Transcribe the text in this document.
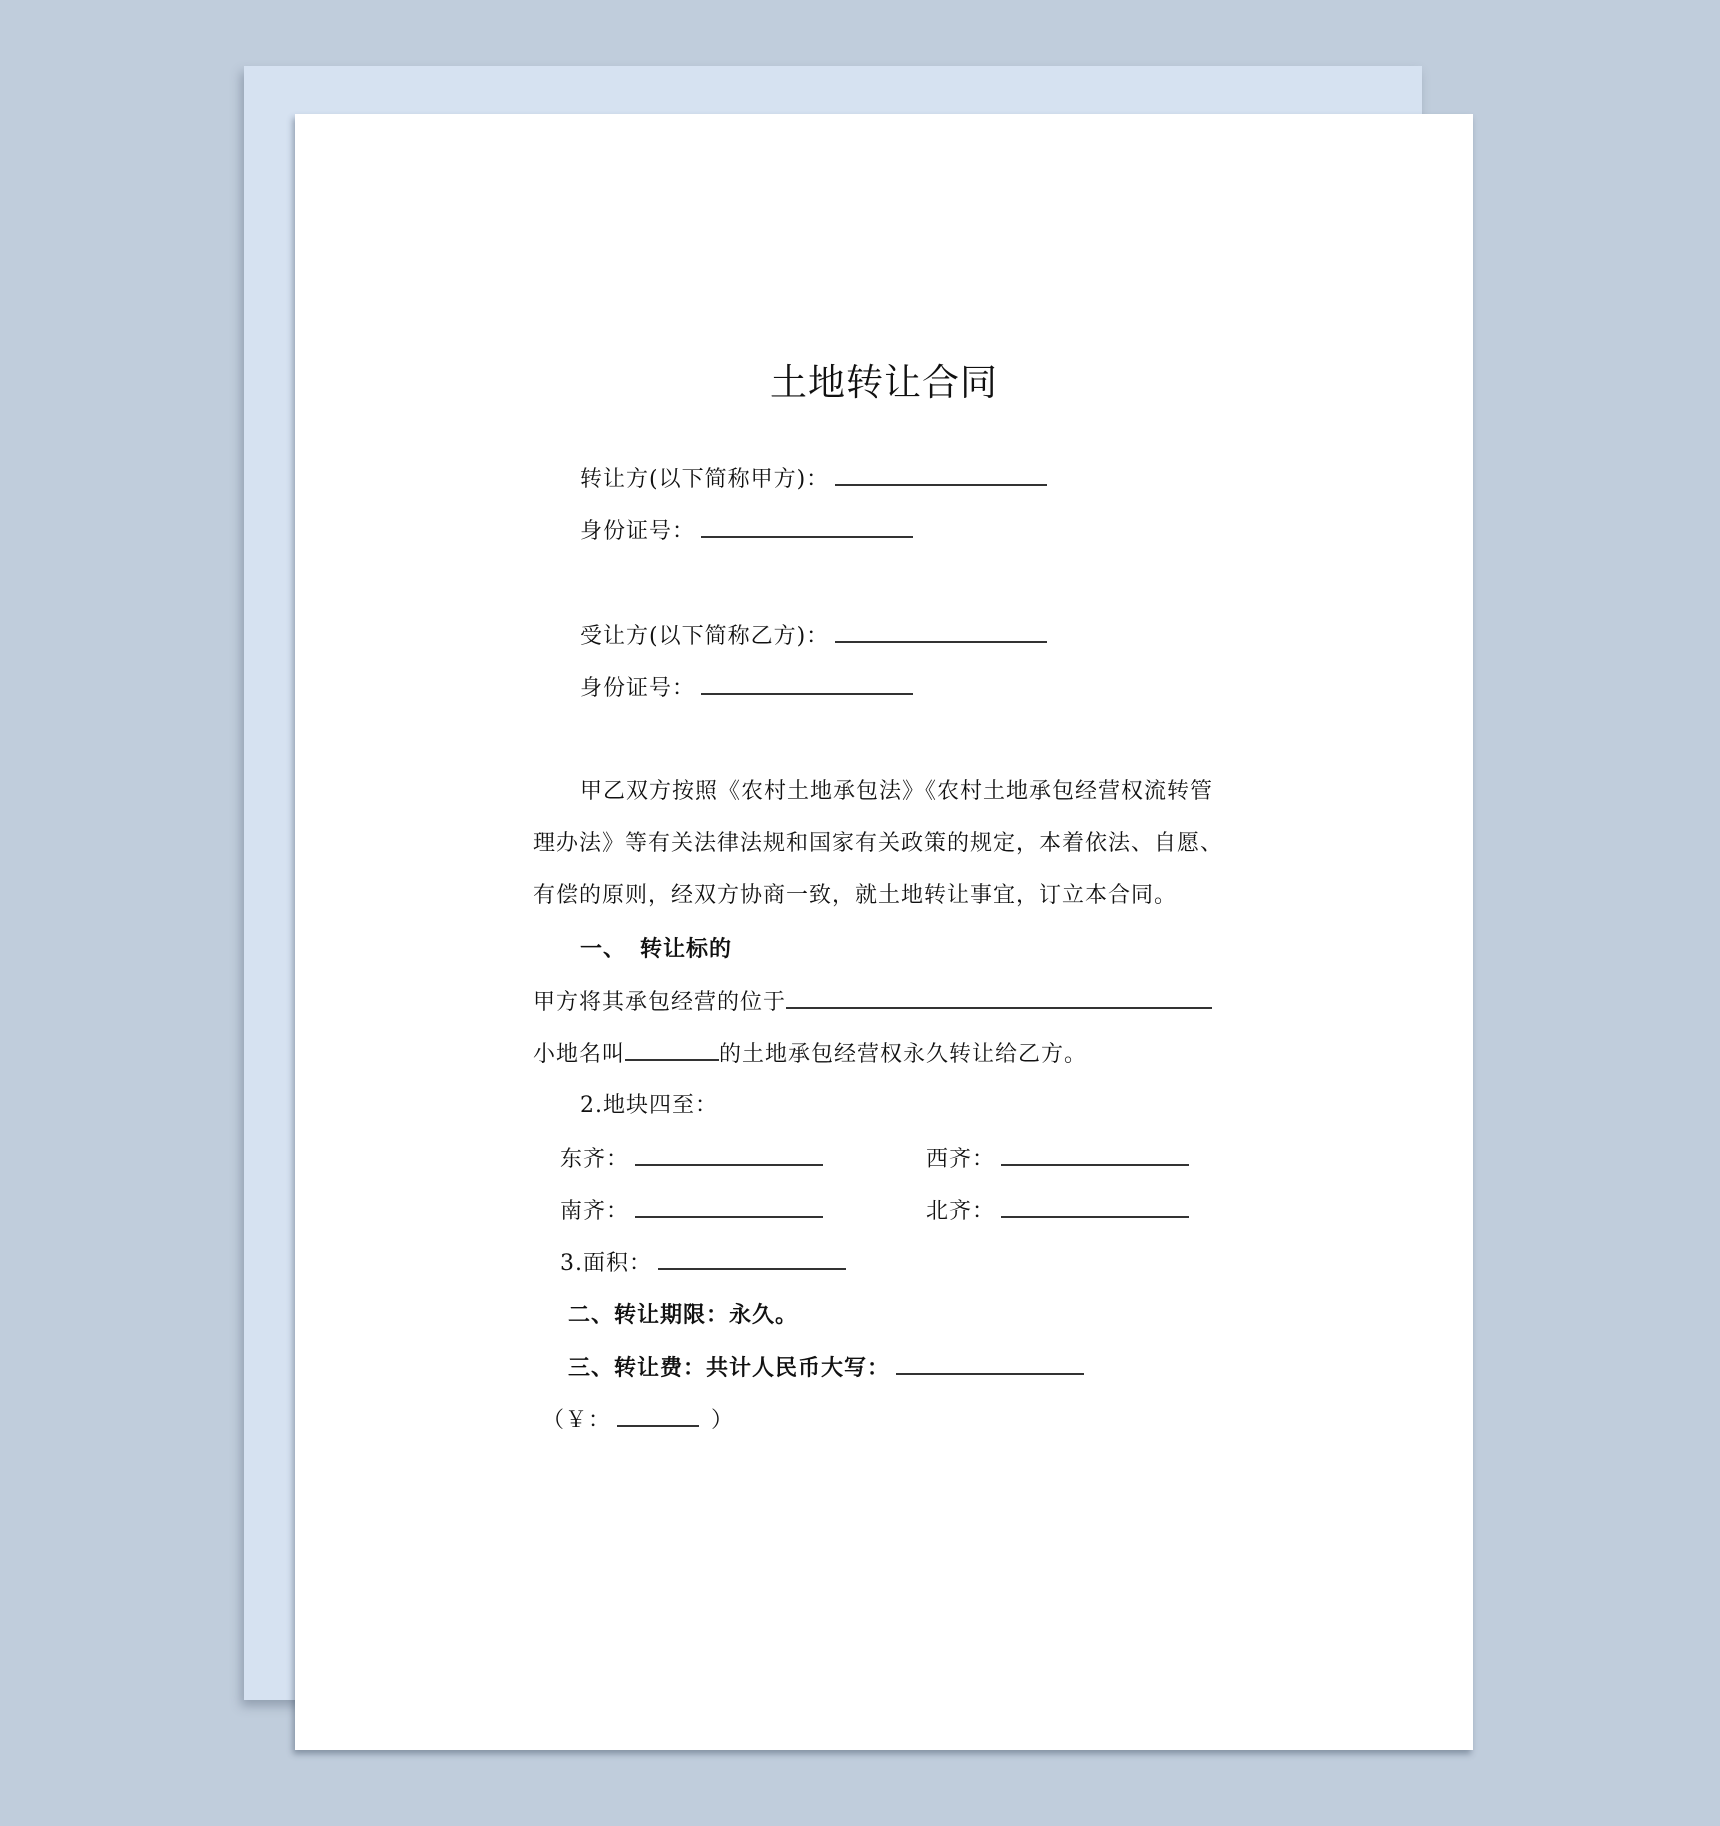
土地转让合同
转让方(以下简称甲方)：
身份证号：
受让方(以下简称乙方)：
身份证号：
甲乙双方按照《农村土地承包法》《农村土地承包经营权流转管
理办法》等有关法律法规和国家有关政策的规定，本着依法、自愿、
有偿的原则，经双方协商一致，就土地转让事宜，订立本合同。
一、 转让标的
甲方将其承包经营的位于
小地名叫	的土地承包经营权永久转让给乙方。
2.地块四至：
东齐：	西齐：
南齐：	北齐：
3.面积：
二、转让期限：永久。
三、转让费：共计人民币大写：
（￥：	）
